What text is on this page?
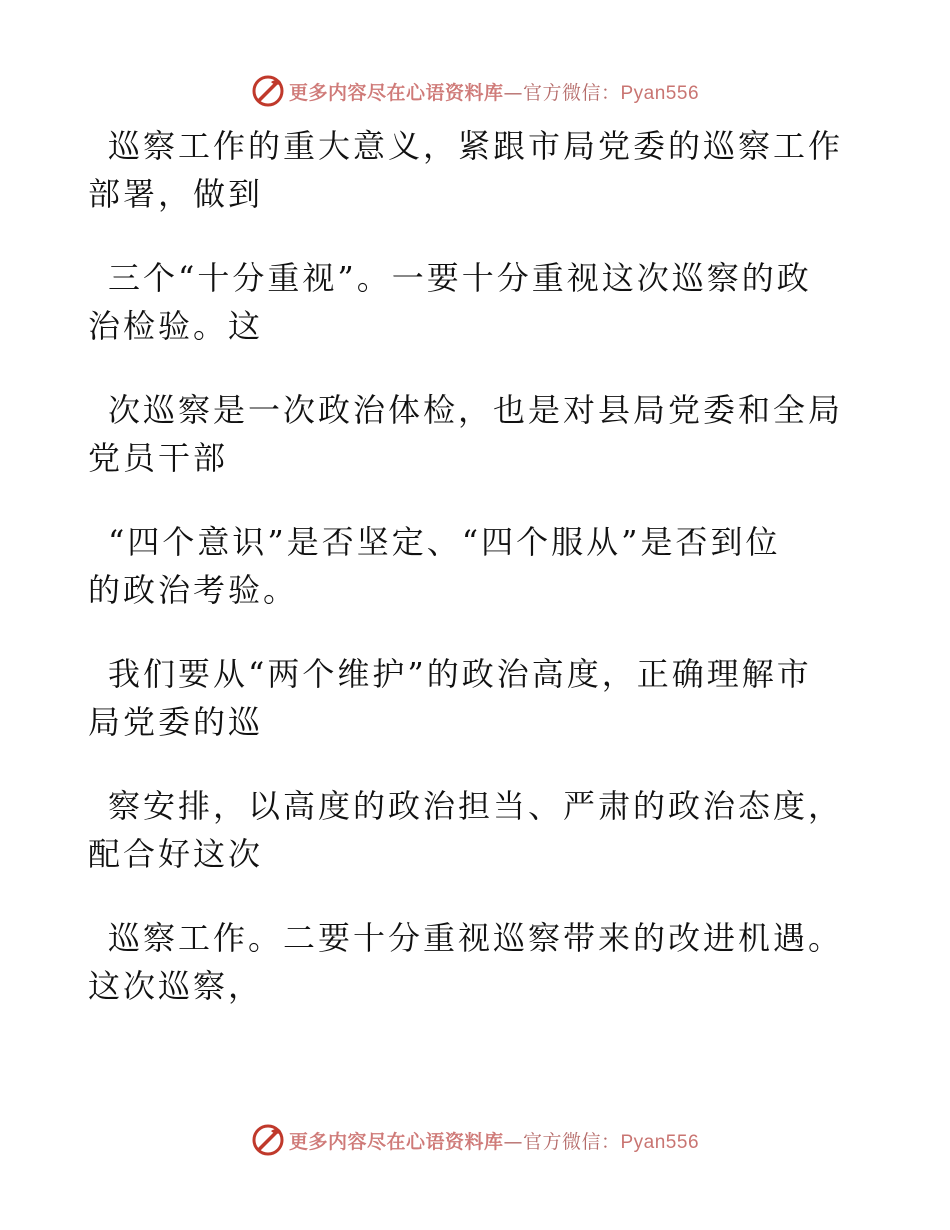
更多内容尽在心语资料库—官方微信：Pyan556

巡察工作的重大意义，紧跟市局党委的巡察工作
部署，做到

三个“十分重视”。一要十分重视这次巡察的政
治检验。这

次巡察是一次政治体检，也是对县局党委和全局
党员干部

“四个意识”是否坚定、“四个服从”是否到位
的政治考验。

我们要从“两个维护”的政治高度，正确理解市
局党委的巡

察安排，以高度的政治担当、严肃的政治态度，
配合好这次

巡察工作。二要十分重视巡察带来的改进机遇。
这次巡察，

更多内容尽在心语资料库—官方微信：Pyan556
